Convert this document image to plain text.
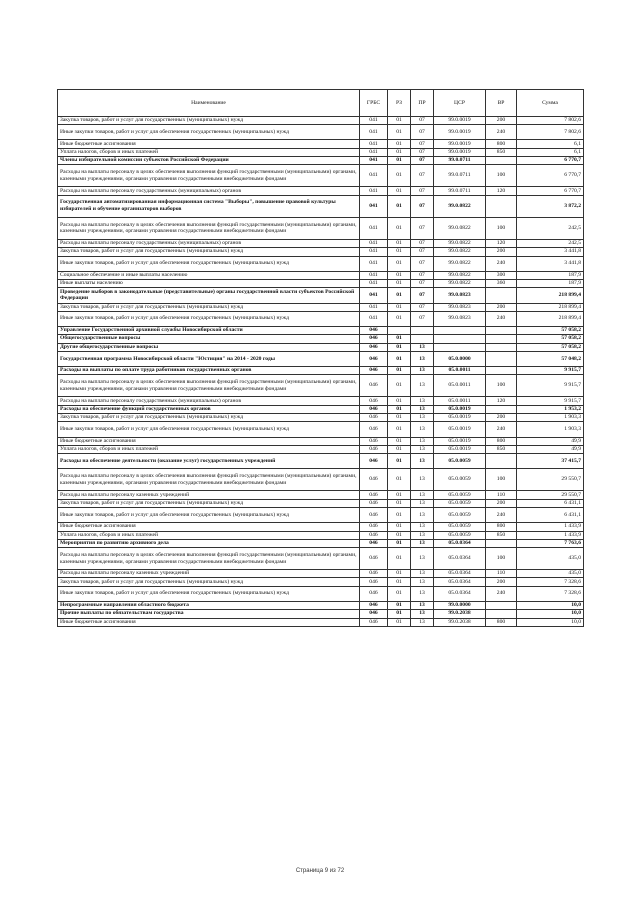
Наименование	ГРБС	РЗ	ПР	ЦСР	ВР	Сумма
Закупка товаров, работ и услуг для государственных (муниципальных) нужд	041	01	07	99.0.0019	200	7 802,6
Иные закупки товаров, работ и услуг для обеспечения государственных (муниципальных) нужд	041	01	07	99.0.0019	240	7 802,6
Иные бюджетные ассигнования	041	01	07	99.0.0019	800	6,1
Уплата налогов, сборов и иных платежей	041	01	07	99.0.0019	850	6,1
Члены избирательной комиссии субъектов Российской Федерации	041	01	07	99.0.0711		6 770,7
Расходы на выплаты персоналу в целях обеспечения выполнения функций государственными (муниципальными) органами, казенными учреждениями, органами управления государственными внебюджетными фондами	041	01	07	99.0.0711	100	6 770,7
Расходы на выплаты персоналу государственных (муниципальных) органов	041	01	07	99.0.0711	120	6 770,7
Государственная автоматизированная информационная система "Выборы", повышение правовой культуры избирателей и обучение организаторов выборов	041	01	07	99.0.0822		3 872,2
Расходы на выплаты персоналу в целях обеспечения выполнения функций государственными (муниципальными) органами, казенными учреждениями, органами управления государственными внебюджетными фондами	041	01	07	99.0.0822	100	242,5
Расходы на выплаты персоналу государственных (муниципальных) органов	041	01	07	99.0.0822	120	242,5
Закупка товаров, работ и услуг для государственных (муниципальных) нужд	041	01	07	99.0.0822	200	3 441,8
Иные закупки товаров, работ и услуг для обеспечения государственных (муниципальных) нужд	041	01	07	99.0.0822	240	3 441,8
Социальное обеспечение и иные выплаты населению	041	01	07	99.0.0822	300	187,9
Иные выплаты населению	041	01	07	99.0.0822	360	187,9
Проведение выборов в законодательные (представительные) органы государственной власти субъектов Российской Федерации	041	01	07	99.0.0823		218 899,4
Закупка товаров, работ и услуг для государственных (муниципальных) нужд	041	01	07	99.0.0823	200	218 899,4
Иные закупки товаров, работ и услуг для обеспечения государственных (муниципальных) нужд	041	01	07	99.0.0823	240	218 899,4
Управление Государственной архивной службы Новосибирской области	046					57 058,2
Общегосударственные вопросы	046	01				57 058,2
Другие общегосударственные вопросы	046	01	13			57 058,2
Государственная программа Новосибирской области "Юстиция" на 2014 - 2020 годы	046	01	13	05.0.0000		57 048,2
Расходы на выплаты по оплате труда работников государственных органов	046	01	13	05.0.0011		9 915,7
Расходы на выплаты персоналу в целях обеспечения выполнения функций государственными (муниципальными) органами, казенными учреждениями, органами управления государственными внебюджетными фондами	046	01	13	05.0.0011	100	9 915,7
Расходы на выплаты персоналу государственных (муниципальных) органов	046	01	13	05.0.0011	120	9 915,7
Расходы на обеспечение функций государственных органов	046	01	13	05.0.0019		1 953,2
Закупка товаров, работ и услуг для государственных (муниципальных) нужд	046	01	13	05.0.0019	200	1 903,3
Иные закупки товаров, работ и услуг для обеспечения государственных (муниципальных) нужд	046	01	13	05.0.0019	240	1 903,3
Иные бюджетные ассигнования	046	01	13	05.0.0019	800	49,9
Уплата налогов, сборов и иных платежей	046	01	13	05.0.0019	850	49,9
Расходы на обеспечение деятельности (оказание услуг) государственных учреждений	046	01	13	05.0.0059		37 415,7
Расходы на выплаты персоналу в целях обеспечения выполнения функций государственными (муниципальными) органами, казенными учреждениями, органами управления государственными внебюджетными фондами	046	01	13	05.0.0059	100	29 550,7
Расходы на выплаты персоналу казенных учреждений	046	01	13	05.0.0059	110	29 550,7
Закупка товаров, работ и услуг для государственных (муниципальных) нужд	046	01	13	05.0.0059	200	6 431,1
Иные закупки товаров, работ и услуг для обеспечения государственных (муниципальных) нужд	046	01	13	05.0.0059	240	6 431,1
Иные бюджетные ассигнования	046	01	13	05.0.0059	800	1 433,9
Уплата налогов, сборов и иных платежей	046	01	13	05.0.0059	850	1 433,9
Мероприятия по развитию архивного дела	046	01	13	05.0.0364		7 763,6
Расходы на выплаты персоналу в целях обеспечения выполнения функций государственными (муниципальными) органами, казенными учреждениями, органами управления государственными внебюджетными фондами	046	01	13	05.0.0364	100	435,0
Расходы на выплаты персоналу казенных учреждений	046	01	13	05.0.0364	110	435,0
Закупка товаров, работ и услуг для государственных (муниципальных) нужд	046	01	13	05.0.0364	200	7 328,6
Иные закупки товаров, работ и услуг для обеспечения государственных (муниципальных) нужд	046	01	13	05.0.0364	240	7 328,6
Непрограммные направления областного бюджета	046	01	13	99.0.0000		10,0
Прочие выплаты по обязательствам государства	046	01	13	99.0.2038		10,0
Иные бюджетные ассигнования	046	01	13	99.0.2038	800	10,0
Страница 9 из 72
